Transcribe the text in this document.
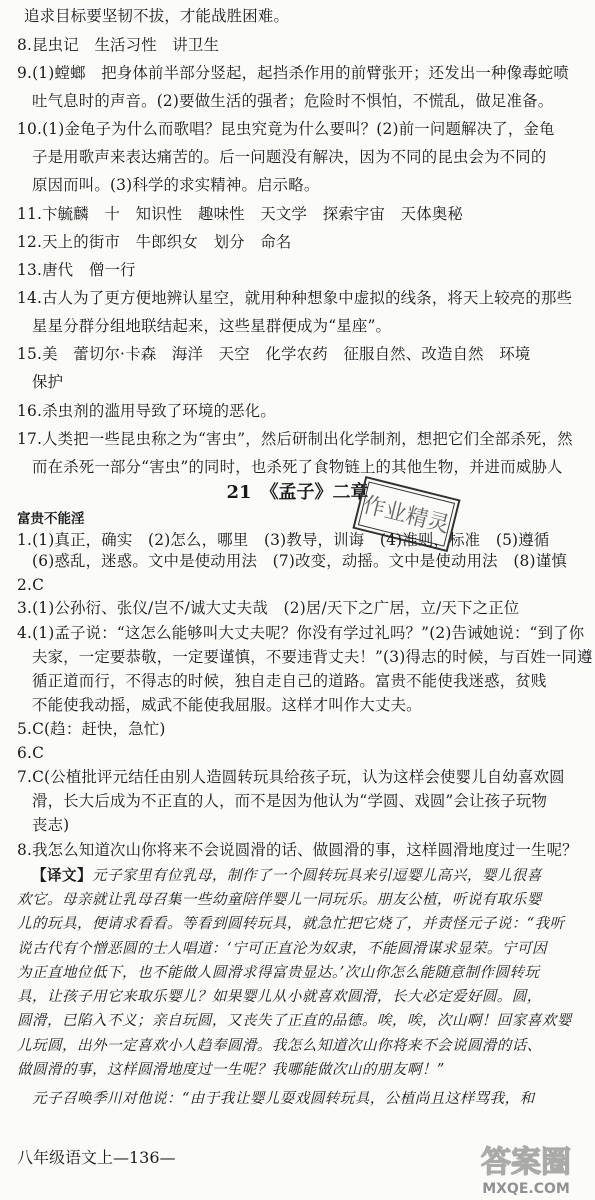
追求目标要坚韧不拔，才能战胜困难。
8.昆虫记　生活习性　讲卫生
9.(1)螳螂　把身体前半部分竖起，起挡杀作用的前臂张开；还发出一种像毒蛇喷
吐气息时的声音。(2)要做生活的强者；危险时不惧怕，不慌乱，做足准备。
10.(1)金龟子为什么而歌唱？昆虫究竟为什么要叫？(2)前一问题解决了，金龟
子是用歌声来表达痛苦的。后一问题没有解决，因为不同的昆虫会为不同的
原因而叫。(3)科学的求实精神。启示略。
11.卞毓麟　十　知识性　趣味性　天文学　探索宇宙　天体奥秘
12.天上的街市　牛郎织女　划分　命名
13.唐代　僧一行
14.古人为了更方便地辨认星空，就用种种想象中虚拟的线条，将天上较亮的那些
星星分群分组地联结起来，这些星群便成为“星座”。
15.美　蕾切尔·卡森　海洋　天空　化学农药　征服自然、改造自然　环境
保护
16.杀虫剂的滥用导致了环境的恶化。
17.人类把一些昆虫称之为“害虫”，然后研制出化学制剂，想把它们全部杀死，然
而在杀死一部分“害虫”的同时，也杀死了食物链上的其他生物，并进而威胁人
21　《孟子》二章
富贵不能淫	作业精灵
1.(1)真正，确实　(2)怎么，哪里　(3)教导，训诲　(4)准则，标准　(5)遵循
(6)惑乱，迷惑。文中是使动用法　(7)改变，动摇。文中是使动用法　(8)谨慎
2.C
3.(1)公孙衍、张仪/岂不/诚大丈夫哉　(2)居/天下之广居，立/天下之正位
4.(1)孟子说：“这怎么能够叫大丈夫呢？你没有学过礼吗？”(2)告诫她说：“到了你
夫家，一定要恭敬，一定要谨慎，不要违背丈夫！”(3)得志的时候，与百姓一同遵
循正道而行，不得志的时候，独自走自己的道路。富贵不能使我迷惑，贫贱
不能使我动摇，威武不能使我屈服。这样才叫作大丈夫。
5.C(趋：赶快，急忙)
6.C
7.C(公植批评元结任由别人造圆转玩具给孩子玩，认为这样会使婴儿自幼喜欢圆
滑，长大后成为不正直的人，而不是因为他认为“学圆、戏圆”会让孩子玩物
丧志)
8.我怎么知道次山你将来不会说圆滑的话、做圆滑的事，这样圆滑地度过一生呢？
【译文】元子家里有位乳母，制作了一个圆转玩具来引逗婴儿高兴，婴儿很喜
欢它。母亲就让乳母召集一些幼童陪伴婴儿一同玩乐。朋友公植，听说有取乐婴
儿的玩具，便请求看看。等看到圆转玩具，就急忙把它烧了，并责怪元子说：“我听
说古代有个憎恶圆的士人唱道：‘宁可正直沦为奴隶，不能圆滑谋求显荣。宁可因
为正直地位低下，也不能做人圆滑求得富贵显达。’次山你怎么能随意制作圆转玩
具，让孩子用它来取乐婴儿？如果婴儿从小就喜欢圆滑，长大必定爱好圆。圆，
圆滑，已陷入不义；亲自玩圆，又丧失了正直的品德。唉，唉，次山啊！回家喜欢婴
儿玩圆，出外一定喜欢小人趋奉圆滑。我怎么知道次山你将来不会说圆滑的话、
做圆滑的事，这样圆滑地度过一生呢？我哪能做次山的朋友啊！”
元子召唤季川对他说：“由于我让婴儿耍戏圆转玩具，公植尚且这样骂我，和
八年级语文上—136—	答案圈
MXQE.COM
